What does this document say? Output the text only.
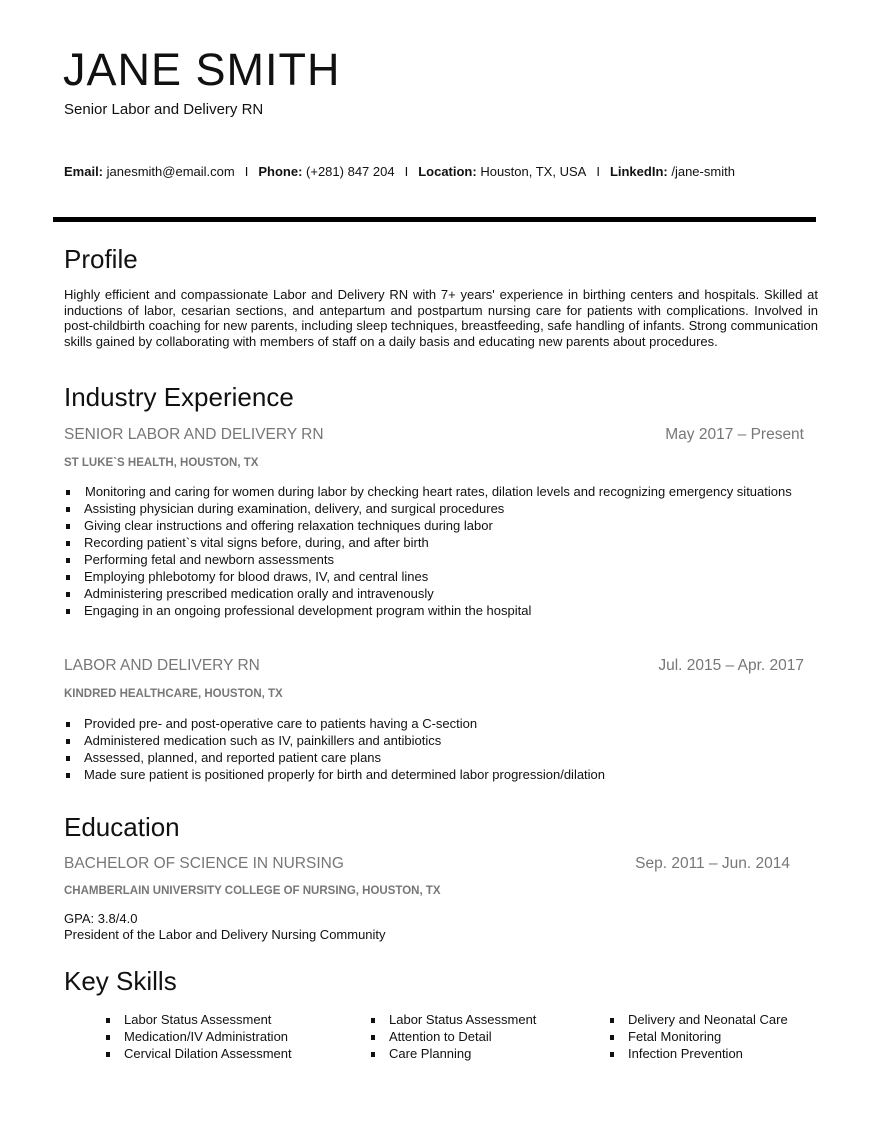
JANE SMITH
Senior Labor and Delivery RN
Email: janesmith@email.com I Phone: (+281) 847 204 I Location: Houston, TX, USA I LinkedIn: /jane-smith
Profile
Highly efficient and compassionate Labor and Delivery RN with 7+ years' experience in birthing centers and hospitals. Skilled at inductions of labor, cesarian sections, and antepartum and postpartum nursing care for patients with complications. Involved in post-childbirth coaching for new parents, including sleep techniques, breastfeeding, safe handling of infants. Strong communication skills gained by collaborating with members of staff on a daily basis and educating new parents about procedures.
Industry Experience
SENIOR LABOR AND DELIVERY RN	May 2017 – Present
ST LUKE`S HEALTH, HOUSTON, TX
Monitoring and caring for women during labor by checking heart rates, dilation levels and recognizing emergency situations
Assisting physician during examination, delivery, and surgical procedures
Giving clear instructions and offering relaxation techniques during labor
Recording patient`s vital signs before, during, and after birth
Performing fetal and newborn assessments
Employing phlebotomy for blood draws, IV, and central lines
Administering prescribed medication orally and intravenously
Engaging in an ongoing professional development program within the hospital
LABOR AND DELIVERY RN	Jul. 2015 – Apr. 2017
KINDRED HEALTHCARE, HOUSTON, TX
Provided pre- and post-operative care to patients having a C-section
Administered medication such as IV, painkillers and antibiotics
Assessed, planned, and reported patient care plans
Made sure patient is positioned properly for birth and determined labor progression/dilation
Education
BACHELOR OF SCIENCE IN NURSING	Sep. 2011 – Jun. 2014
CHAMBERLAIN UNIVERSITY COLLEGE OF NURSING, HOUSTON, TX
GPA: 3.8/4.0
President of the Labor and Delivery Nursing Community
Key Skills
Labor Status Assessment
Medication/IV Administration
Cervical Dilation Assessment
Labor Status Assessment
Attention to Detail
Care Planning
Delivery and Neonatal Care
Fetal Monitoring
Infection Prevention
